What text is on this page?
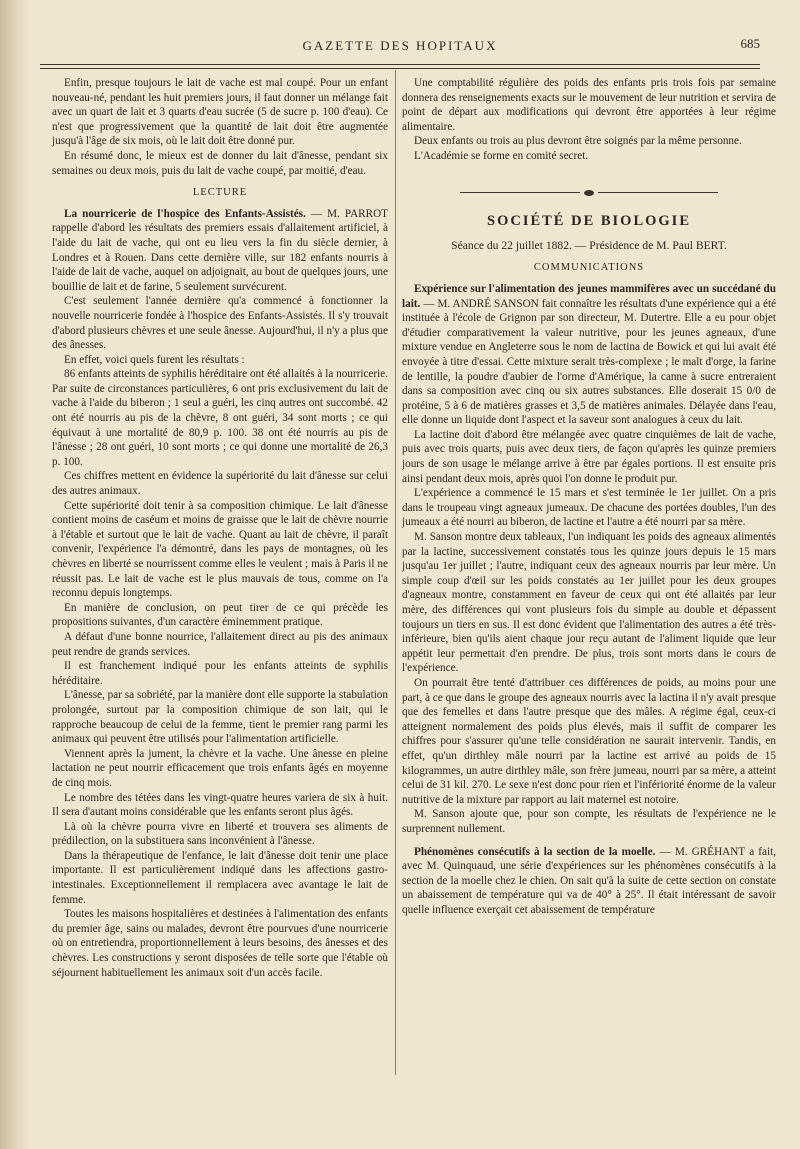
GAZETTE DES HOPITAUX	685

Enfin, presque toujours le lait de vache est mal coupé. Pour un enfant nouveau-né, pendant les huit premiers jours, il faut donner un mélange fait avec un quart de lait et 3 quarts d'eau sucrée (5 de sucre p. 100 d'eau). Ce n'est que progressivement que la quantité de lait doit être augmentée jusqu'à l'âge de six mois, où le lait doit être donné pur.

En résumé donc, le mieux est de donner du lait d'ânesse, pendant six semaines ou deux mois, puis du lait de vache coupé, par moitié, d'eau.

LECTURE

La nourricerie de l'hospice des Enfants-Assistés. — M. PARROT rappelle d'abord les résultats des premiers essais d'allaitement artificiel, à l'aide du lait de vache, qui ont eu lieu vers la fin du siècle dernier, à Londres et à Rouen. Dans cette dernière ville, sur 182 enfants nourris à l'aide de lait de vache, auquel on adjoignait, au bout de quelques jours, une bouillie de lait et de farine, 5 seulement survécurent.

C'est seulement l'année dernière qu'a commencé à fonctionner la nouvelle nourricerie fondée à l'hospice des Enfants-Assistés. Il s'y trouvait d'abord plusieurs chèvres et une seule ânesse. Aujourd'hui, il n'y a plus que des ânesses.

En effet, voici quels furent les résultats :

86 enfants atteints de syphilis héréditaire ont été allaités à la nourricerie. Par suite de circonstances particulières, 6 ont pris exclusivement du lait de vache à l'aide du biberon ; 1 seul a guéri, les cinq autres ont succombé. 42 ont été nourris au pis de la chèvre, 8 ont guéri, 34 sont morts ; ce qui équivaut à une mortalité de 80,9 p. 100. 38 ont été nourris au pis de l'ânesse ; 28 ont guéri, 10 sont morts ; ce qui donne une mortalité de 26,3 p. 100.

Ces chiffres mettent en évidence la supériorité du lait d'ânesse sur celui des autres animaux.

Cette supériorité doit tenir à sa composition chimique. Le lait d'ânesse contient moins de caséum et moins de graisse que le lait de chèvre nourrie à l'étable et surtout que le lait de vache. Quant au lait de chèvre, il paraît convenir, l'expérience l'a démontré, dans les pays de montagnes, où les chèvres en liberté se nourrissent comme elles le veulent ; mais à Paris il ne réussit pas. Le lait de vache est le plus mauvais de tous, comme on l'a reconnu depuis longtemps.

En manière de conclusion, on peut tirer de ce qui précède les propositions suivantes, d'un caractère éminemment pratique.

A défaut d'une bonne nourrice, l'allaitement direct au pis des animaux peut rendre de grands services.

Il est franchement indiqué pour les enfants atteints de syphilis héréditaire.

L'ânesse, par sa sobriété, par la manière dont elle supporte la stabulation prolongée, surtout par la composition chimique de son lait, qui le rapproche beaucoup de celui de la femme, tient le premier rang parmi les animaux qui peuvent être utilisés pour l'alimentation artificielle.

Viennent après la jument, la chèvre et la vache. Une ânesse en pleine lactation ne peut nourrir efficacement que trois enfants âgés en moyenne de cinq mois.

Le nombre des tétées dans les vingt-quatre heures variera de six à huit. Il sera d'autant moins considérable que les enfants seront plus âgés.

Là où la chèvre pourra vivre en liberté et trouvera ses aliments de prédilection, on la substituera sans inconvénient à l'ânesse.

Dans la thérapeutique de l'enfance, le lait d'ânesse doit tenir une place importante. Il est particulièrement indiqué dans les affections gastro-intestinales. Exceptionnellement il remplacera avec avantage le lait de femme.

Toutes les maisons hospitalières et destinées à l'alimentation des enfants du premier âge, sains ou malades, devront être pourvues d'une nourricerie où on entretiendra, proportionnellement à leurs besoins, des ânesses et des chèvres. Les constructions y seront disposées de telle sorte que l'étable où séjournent habituellement les animaux soit d'un accès facile.

Une comptabilité régulière des poids des enfants pris trois fois par semaine donnera des renseignements exacts sur le mouvement de leur nutrition et servira de point de départ aux modifications qui devront être apportées à leur régime alimentaire.

Deux enfants ou trois au plus devront être soignés par la même personne.

L'Académie se forme en comité secret.

SOCIÉTÉ DE BIOLOGIE
Séance du 22 juillet 1882. — Présidence de M. Paul BERT.
COMMUNICATIONS

Expérience sur l'alimentation des jeunes mammifères avec un succédané du lait. — M. ANDRÉ SANSON fait connaître les résultats d'une expérience qui a été instituée à l'école de Grignon par son directeur, M. Dutertre. Elle a eu pour objet d'étudier comparativement la valeur nutritive, pour les jeunes agneaux, d'une mixture vendue en Angleterre sous le nom de lactina de Bowick et qui lui avait été envoyée à titre d'essai. Cette mixture serait très-complexe ; le malt d'orge, la farine de lentille, la poudre d'aubier de l'orme d'Amérique, la canne à sucre entreraient dans sa composition avec cinq ou six autres substances. Elle doserait 15 0/0 de protéine, 5 à 6 de matières grasses et 3,5 de matières animales. Délayée dans l'eau, elle donne un liquide dont l'aspect et la saveur sont analogues à ceux du lait.

La lactine doit d'abord être mélangée avec quatre cinquièmes de lait de vache, puis avec trois quarts, puis avec deux tiers, de façon qu'après les quinze premiers jours de son usage le mélange arrive à être par égales portions. Il est ensuite pris ainsi pendant deux mois, après quoi l'on donne le produit pur.

L'expérience a commencé le 15 mars et s'est terminée le 1er juillet. On a pris dans le troupeau vingt agneaux jumeaux. De chacune des portées doubles, l'un des jumeaux a été nourri au biberon, de lactine et l'autre a été nourri par sa mère.

M. Sanson montre deux tableaux, l'un indiquant les poids des agneaux alimentés par la lactine, successivement constatés tous les quinze jours depuis le 15 mars jusqu'au 1er juillet ; l'autre, indiquant ceux des agneaux nourris par leur mère. Un simple coup d'œil sur les poids constatés au 1er juillet pour les deux groupes d'agneaux montre, constamment en faveur de ceux qui ont été allaités par leur mère, des différences qui vont plusieurs fois du simple au double et dépassent toujours un tiers en sus. Il est donc évident que l'alimentation des autres a été très-inférieure, bien qu'ils aient chaque jour reçu autant de l'aliment liquide que leur appétit leur permettait d'en prendre. De plus, trois sont morts dans le cours de l'expérience.

On pourrait être tenté d'attribuer ces différences de poids, au moins pour une part, à ce que dans le groupe des agneaux nourris avec la lactina il n'y avait presque que des femelles et dans l'autre presque que des mâles. A régime égal, ceux-ci atteignent normalement des poids plus élevés, mais il suffit de comparer les chiffres pour s'assurer qu'une telle considération ne saurait intervenir. Tandis, en effet, qu'un dirthley mâle nourri par la lactine est arrivé au poids de 15 kilogrammes, un autre dirthley mâle, son frère jumeau, nourri par sa mère, a atteint celui de 31 kil. 270. Le sexe n'est donc pour rien et l'infériorité énorme de la valeur nutritive de la mixture par rapport au lait maternel est notoire.

M. Sanson ajoute que, pour son compte, les résultats de l'expérience ne le surprennent nullement.

Phénomènes consécutifs à la section de la moelle. — M. GRÉHANT a fait, avec M. Quinquaud, une série d'expériences sur les phénomènes consécutifs à la section de la moelle chez le chien. On sait qu'à la suite de cette section on constate un abaissement de température qui va de 40° à 25°. Il était intéressant de savoir quelle influence exerçait cet abaissement de température
